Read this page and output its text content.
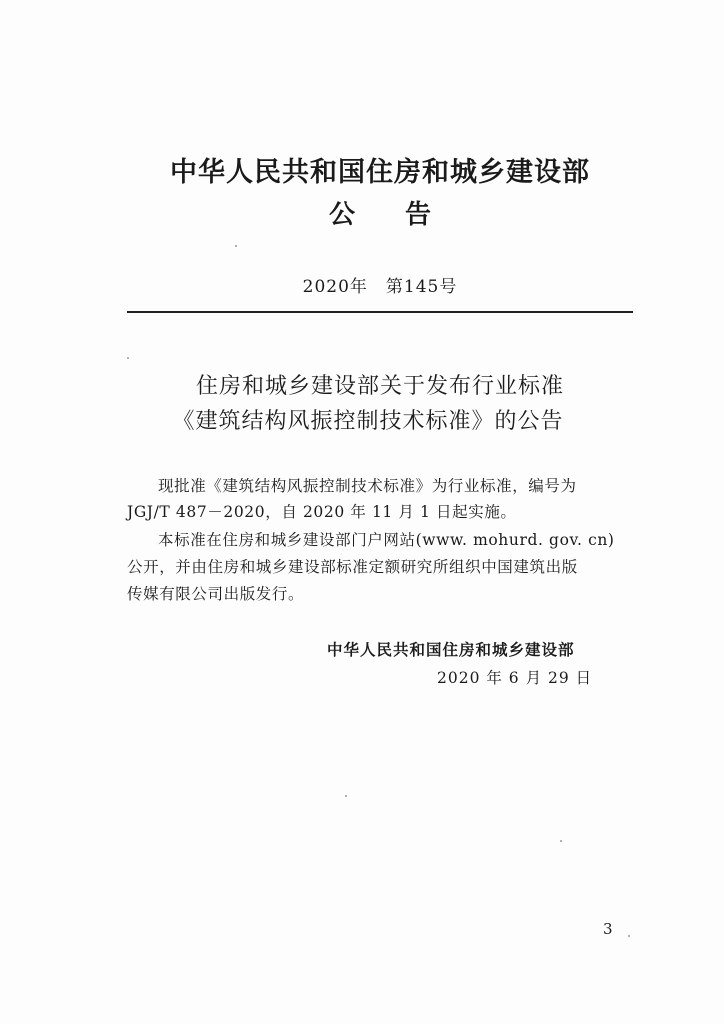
中华人民共和国住房和城乡建设部
公告
2020年　第145号
住房和城乡建设部关于发布行业标准
《建筑结构风振控制技术标准》的公告
现批准《建筑结构风振控制技术标准》为行业标准，编号为
JGJ/T 487－2020，自 2020 年 11 月 1 日起实施。
本标准在住房和城乡建设部门户网站(www. mohurd. gov. cn)
公开，并由住房和城乡建设部标准定额研究所组织中国建筑出版
传媒有限公司出版发行。
中华人民共和国住房和城乡建设部
2020 年 6 月 29 日
3
